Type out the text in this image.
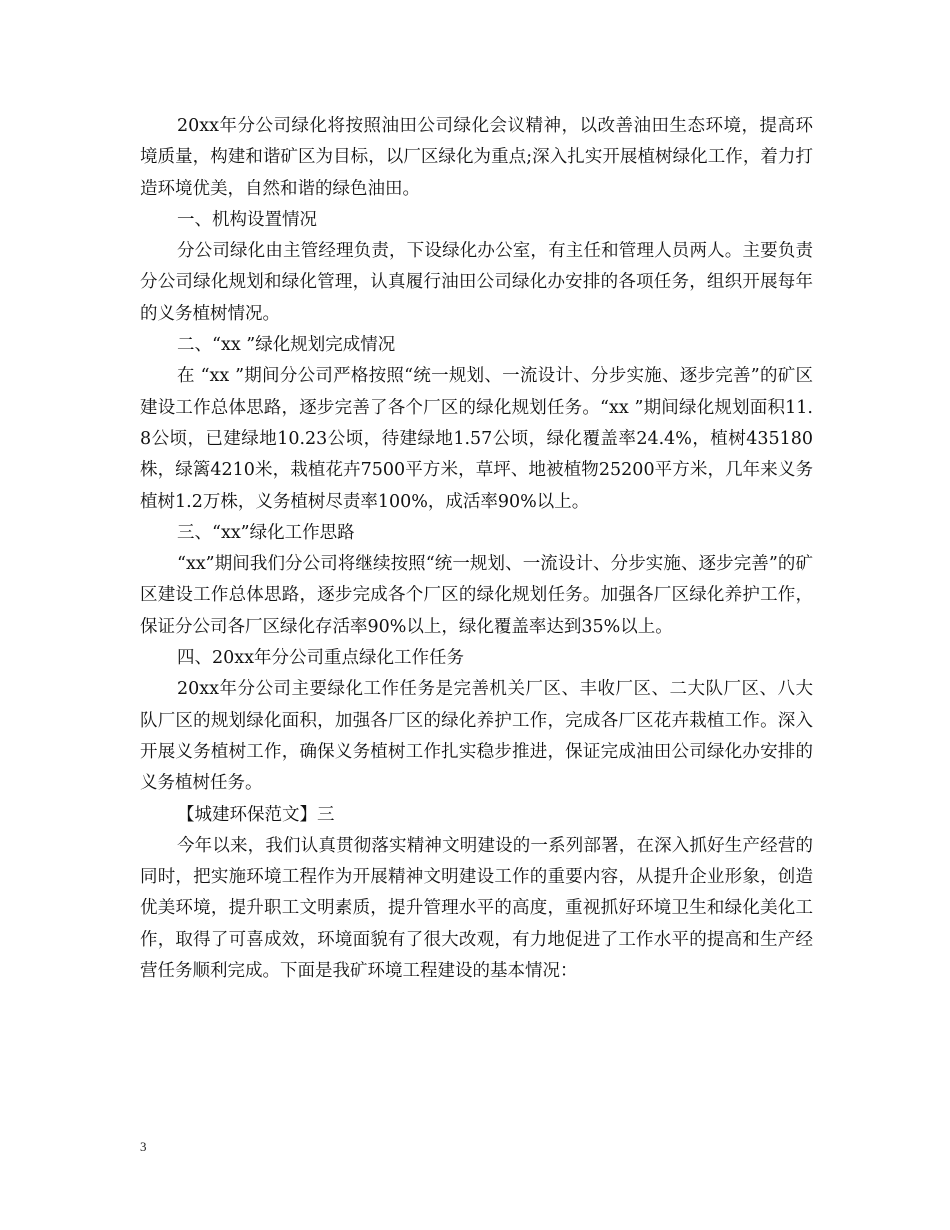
20xx年分公司绿化将按照油田公司绿化会议精神，以改善油田生态环境，提高环境质量，构建和谐矿区为目标，以厂区绿化为重点;深入扎实开展植树绿化工作，着力打造环境优美，自然和谐的绿色油田。

一、机构设置情况

分公司绿化由主管经理负责，下设绿化办公室，有主任和管理人员两人。主要负责分公司绿化规划和绿化管理，认真履行油田公司绿化办安排的各项任务，组织开展每年的义务植树情况。

二、“xx ”绿化规划完成情况

在 “xx ”期间分公司严格按照“统一规划、一流设计、分步实施、逐步完善”的矿区建设工作总体思路，逐步完善了各个厂区的绿化规划任务。“xx ”期间绿化规划面积11.8公顷，已建绿地10.23公顷，待建绿地1.57公顷，绿化覆盖率24.4%，植树435180株，绿篱4210米，栽植花卉7500平方米，草坪、地被植物25200平方米，几年来义务植树1.2万株，义务植树尽责率100%，成活率90%以上。

三、“xx”绿化工作思路

“xx”期间我们分公司将继续按照“统一规划、一流设计、分步实施、逐步完善”的矿区建设工作总体思路，逐步完成各个厂区的绿化规划任务。加强各厂区绿化养护工作，保证分公司各厂区绿化存活率90%以上，绿化覆盖率达到35%以上。

四、20xx年分公司重点绿化工作任务

20xx年分公司主要绿化工作任务是完善机关厂区、丰收厂区、二大队厂区、八大队厂区的规划绿化面积，加强各厂区的绿化养护工作，完成各厂区花卉栽植工作。深入开展义务植树工作，确保义务植树工作扎实稳步推进，保证完成油田公司绿化办安排的义务植树任务。

【城建环保范文】三

今年以来，我们认真贯彻落实精神文明建设的一系列部署，在深入抓好生产经营的同时，把实施环境工程作为开展精神文明建设工作的重要内容，从提升企业形象，创造优美环境，提升职工文明素质，提升管理水平的高度，重视抓好环境卫生和绿化美化工作，取得了可喜成效，环境面貌有了很大改观，有力地促进了工作水平的提高和生产经营任务顺利完成。下面是我矿环境工程建设的基本情况：

3
